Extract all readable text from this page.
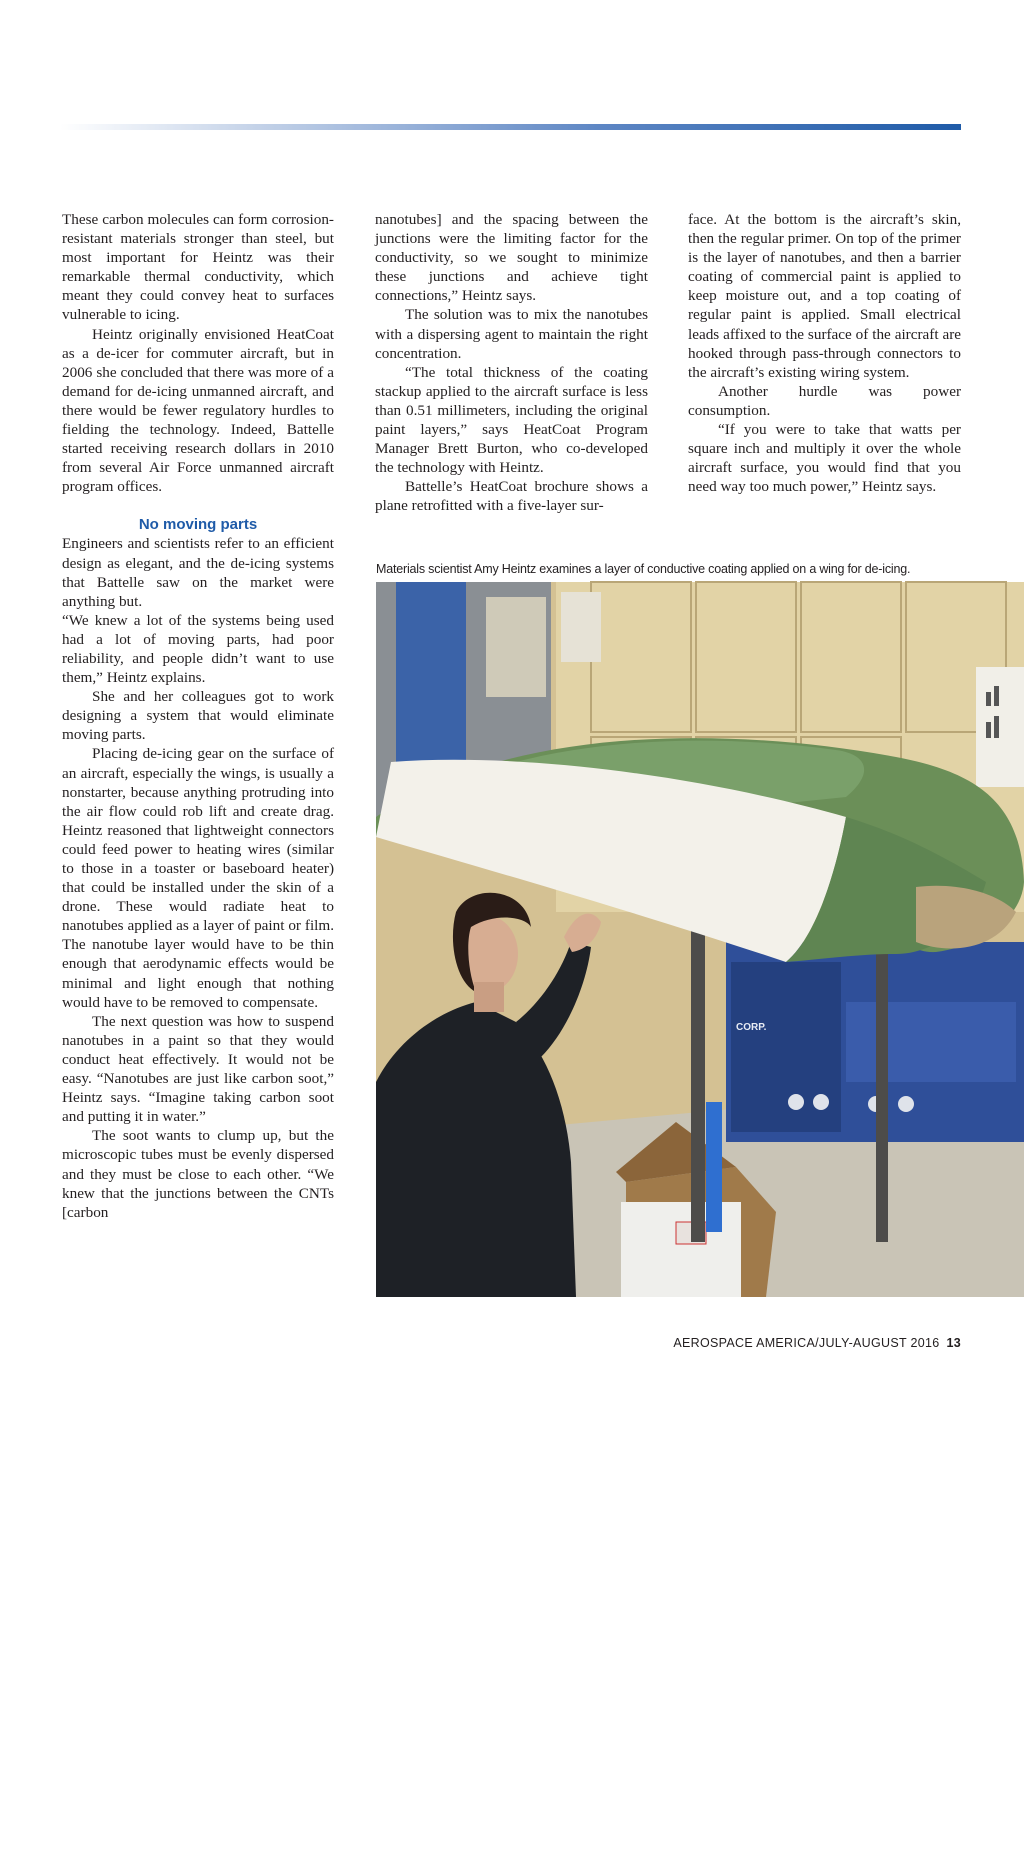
These carbon molecules can form corrosion-resistant materials stronger than steel, but most important for Heintz was their remarkable thermal conductivity, which meant they could convey heat to surfaces vulnerable to icing.

Heintz originally envisioned HeatCoat as a de-icer for commuter aircraft, but in 2006 she concluded that there was more of a demand for de-icing unmanned aircraft, and there would be fewer regulatory hurdles to fielding the technology. Indeed, Battelle started receiving research dollars in 2010 from several Air Force unmanned aircraft program offices.

No moving parts

Engineers and scientists refer to an efficient design as elegant, and the de-icing systems that Battelle saw on the market were anything but.

“We knew a lot of the systems being used had a lot of moving parts, had poor reliability, and people didn’t want to use them,” Heintz explains.

She and her colleagues got to work designing a system that would eliminate moving parts.

Placing de-icing gear on the surface of an aircraft, especially the wings, is usually a nonstarter, because anything protruding into the air flow could rob lift and create drag. Heintz reasoned that lightweight connectors could feed power to heating wires (similar to those in a toaster or baseboard heater) that could be installed under the skin of a drone. These would radiate heat to nanotubes applied as a layer of paint or film. The nanotube layer would have to be thin enough that aerodynamic effects would be minimal and light enough that nothing would have to be removed to compensate.

The next question was how to suspend nanotubes in a paint so that they would conduct heat effectively. It would not be easy. “Nanotubes are just like carbon soot,” Heintz says. “Imagine taking carbon soot and putting it in water.”

The soot wants to clump up, but the microscopic tubes must be evenly dispersed and they must be close to each other. “We knew that the junctions between the CNTs [carbon

nanotubes] and the spacing between the junctions were the limiting factor for the conductivity, so we sought to minimize these junctions and achieve tight connections,” Heintz says.

The solution was to mix the nanotubes with a dispersing agent to maintain the right concentration.

“The total thickness of the coating stackup applied to the aircraft surface is less than 0.51 millimeters, including the original paint layers,” says HeatCoat Program Manager Brett Burton, who co-developed the technology with Heintz.

Battelle’s HeatCoat brochure shows a plane retrofitted with a five-layer sur-

face. At the bottom is the aircraft’s skin, then the regular primer. On top of the primer is the layer of nanotubes, and then a barrier coating of commercial paint is applied to keep moisture out, and a top coating of regular paint is applied. Small electrical leads affixed to the surface of the aircraft are hooked through pass-through connectors to the aircraft’s existing wiring system.

Another hurdle was power consumption.

“If you were to take that watts per square inch and multiply it over the whole aircraft surface, you would find that you need way too much power,” Heintz says.

Materials scientist Amy Heintz examines a layer of conductive coating applied on a wing for de-icing.
CORP.
Battelle
AEROSPACE AMERICA/JULY-AUGUST 2016 13
